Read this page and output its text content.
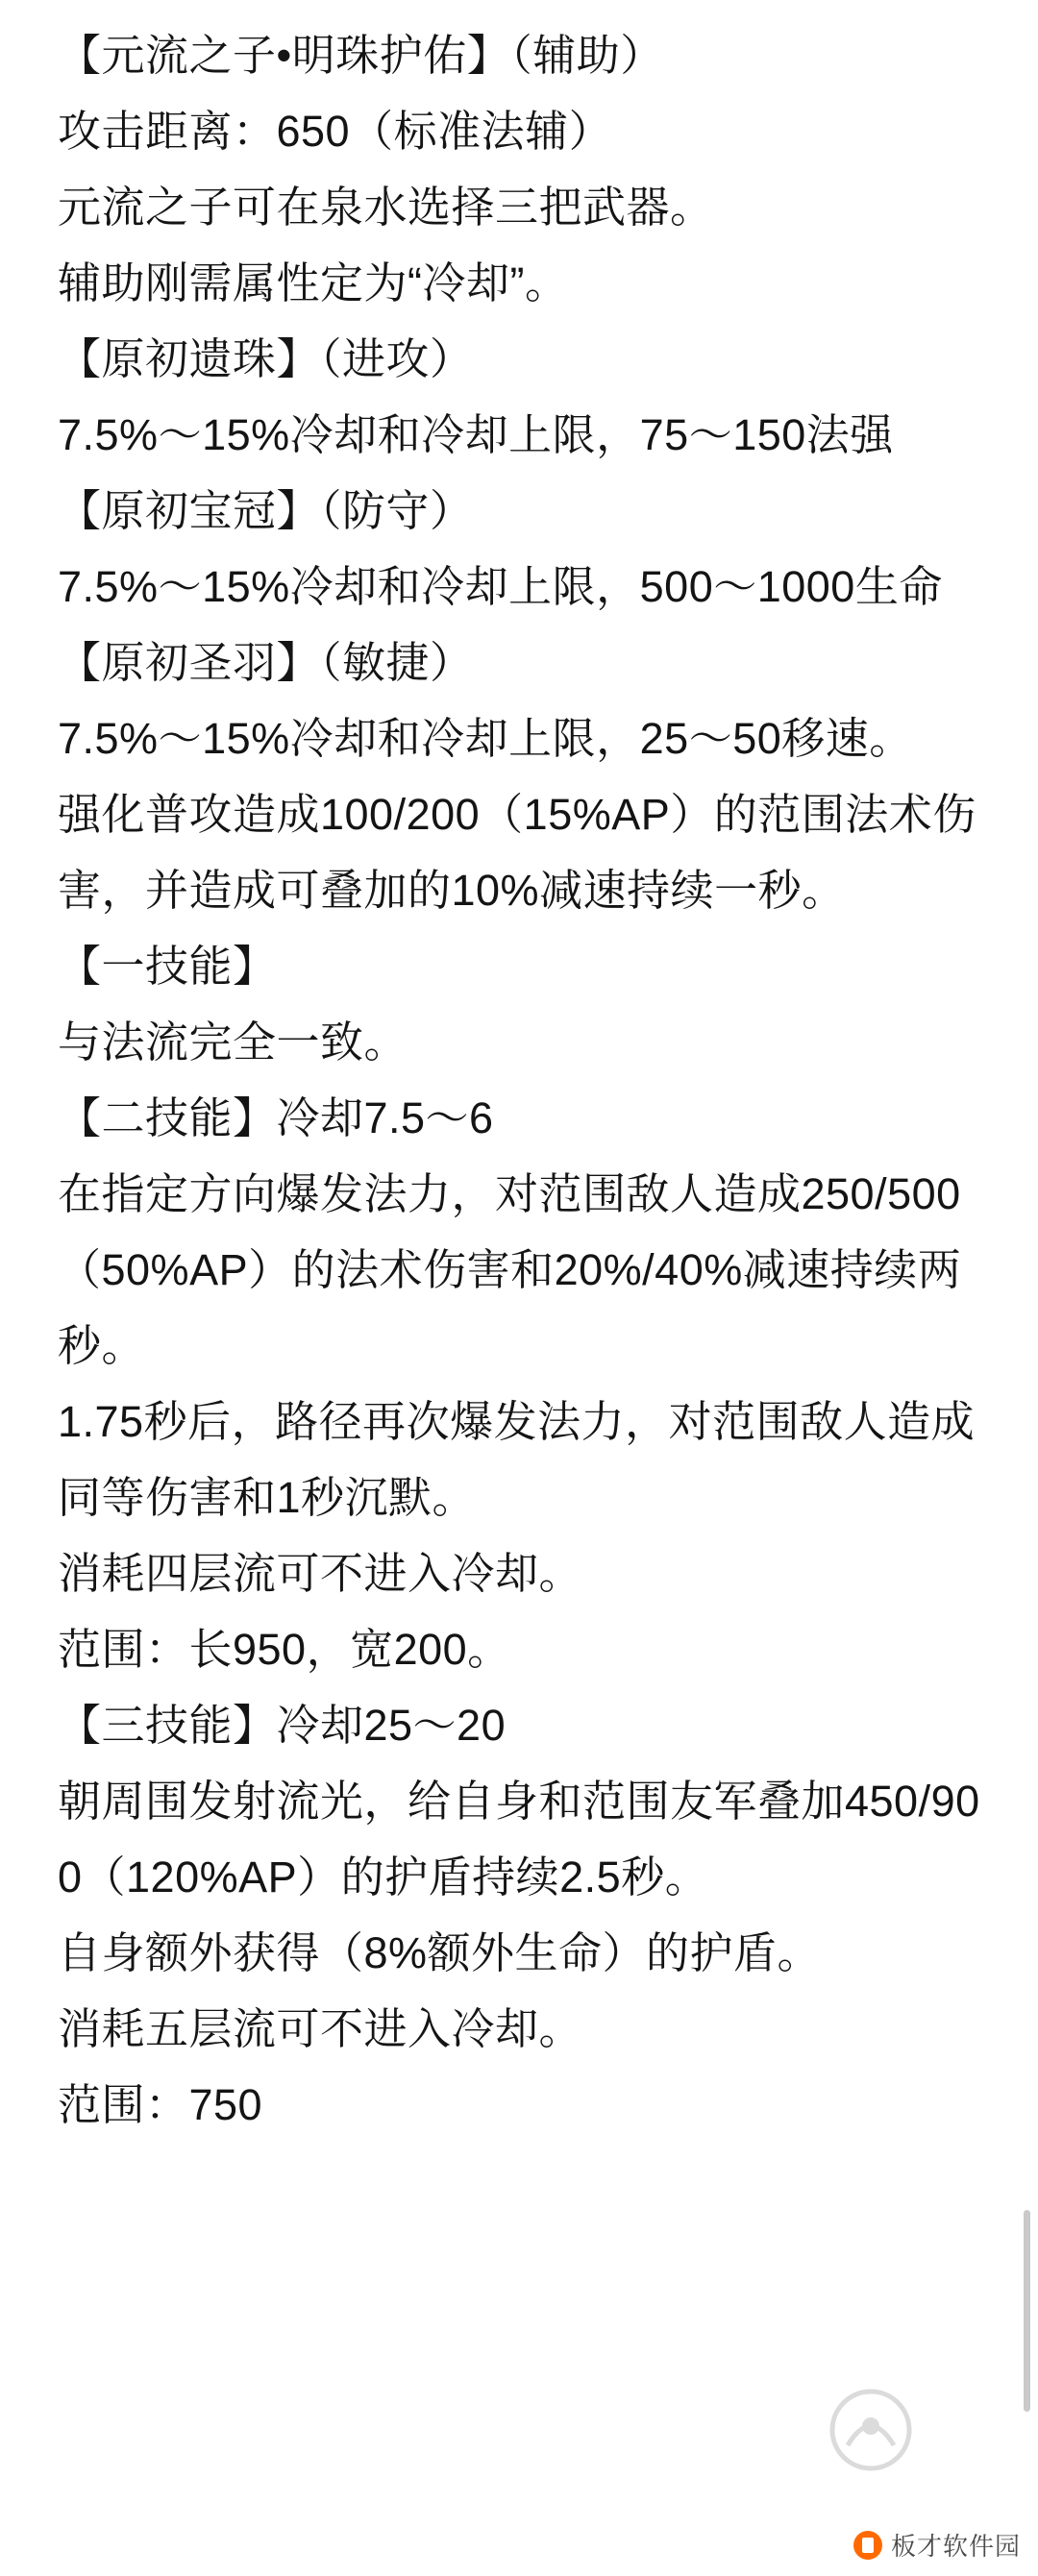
【元流之子•明珠护佑】（辅助）
攻击距离：650（标准法辅）
元流之子可在泉水选择三把武器。
辅助刚需属性定为“冷却”。
【原初遗珠】（进攻）
7.5%～15%冷却和冷却上限，75～150法强
【原初宝冠】（防守）
7.5%～15%冷却和冷却上限，500～1000生命
【原初圣羽】（敏捷）
7.5%～15%冷却和冷却上限，25～50移速。
强化普攻造成100/200（15%AP）的范围法术伤害，并造成可叠加的10%减速持续一秒。
【一技能】
与法流完全一致。
【二技能】冷却7.5～6
在指定方向爆发法力，对范围敌人造成250/500（50%AP）的法术伤害和20%/40%减速持续两秒。
1.75秒后，路径再次爆发法力，对范围敌人造成同等伤害和1秒沉默。
消耗四层流可不进入冷却。
范围：长950，宽200。
【三技能】冷却25～20
朝周围发射流光，给自身和范围友军叠加450/900（120%AP）的护盾持续2.5秒。
自身额外获得（8%额外生命）的护盾。
消耗五层流可不进入冷却。
范围：750
板才软件园
